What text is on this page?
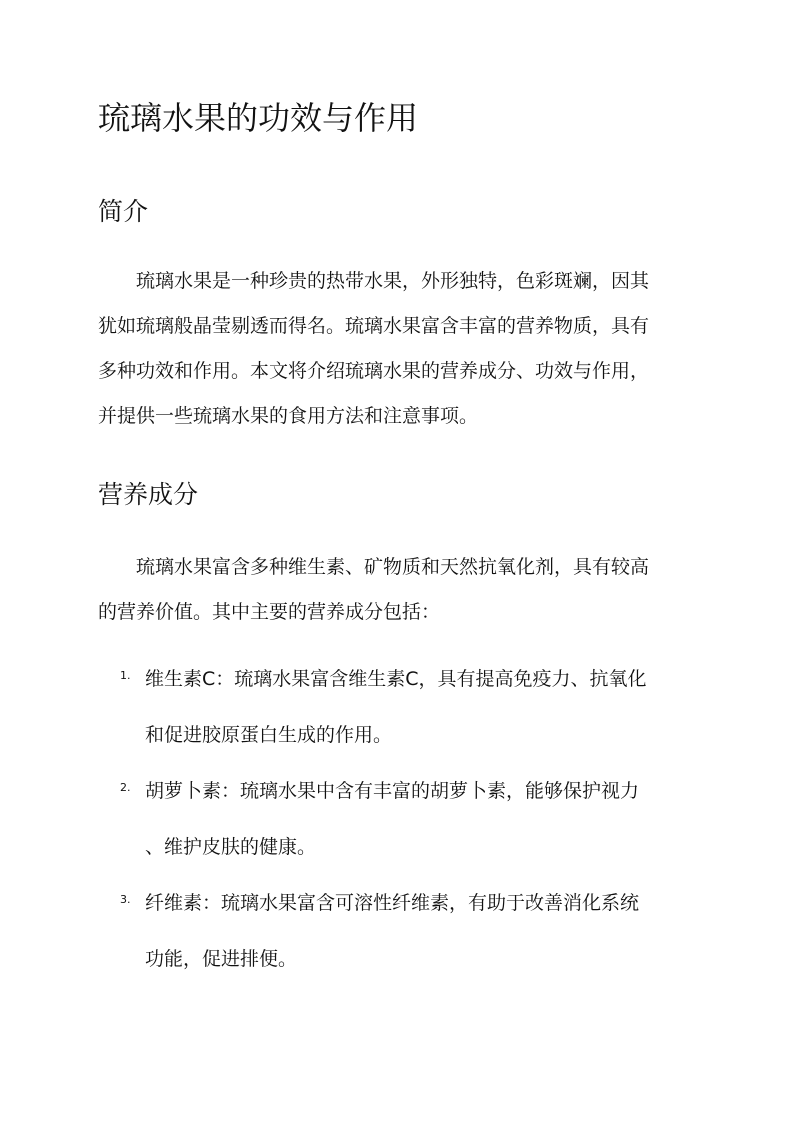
琉璃水果的功效与作用
简介
　　琉璃水果是一种珍贵的热带水果，外形独特，色彩斑斓，因其
犹如琉璃般晶莹剔透而得名。琉璃水果富含丰富的营养物质，具有
多种功效和作用。本文将介绍琉璃水果的营养成分、功效与作用，
并提供一些琉璃水果的食用方法和注意事项。
营养成分
　　琉璃水果富含多种维生素、矿物质和天然抗氧化剂，具有较高
的营养价值。其中主要的营养成分包括：
1. 维生素C：琉璃水果富含维生素C，具有提高免疫力、抗氧化
和促进胶原蛋白生成的作用。
2. 胡萝卜素：琉璃水果中含有丰富的胡萝卜素，能够保护视力
、维护皮肤的健康。
3. 纤维素：琉璃水果富含可溶性纤维素，有助于改善消化系统
功能，促进排便。
